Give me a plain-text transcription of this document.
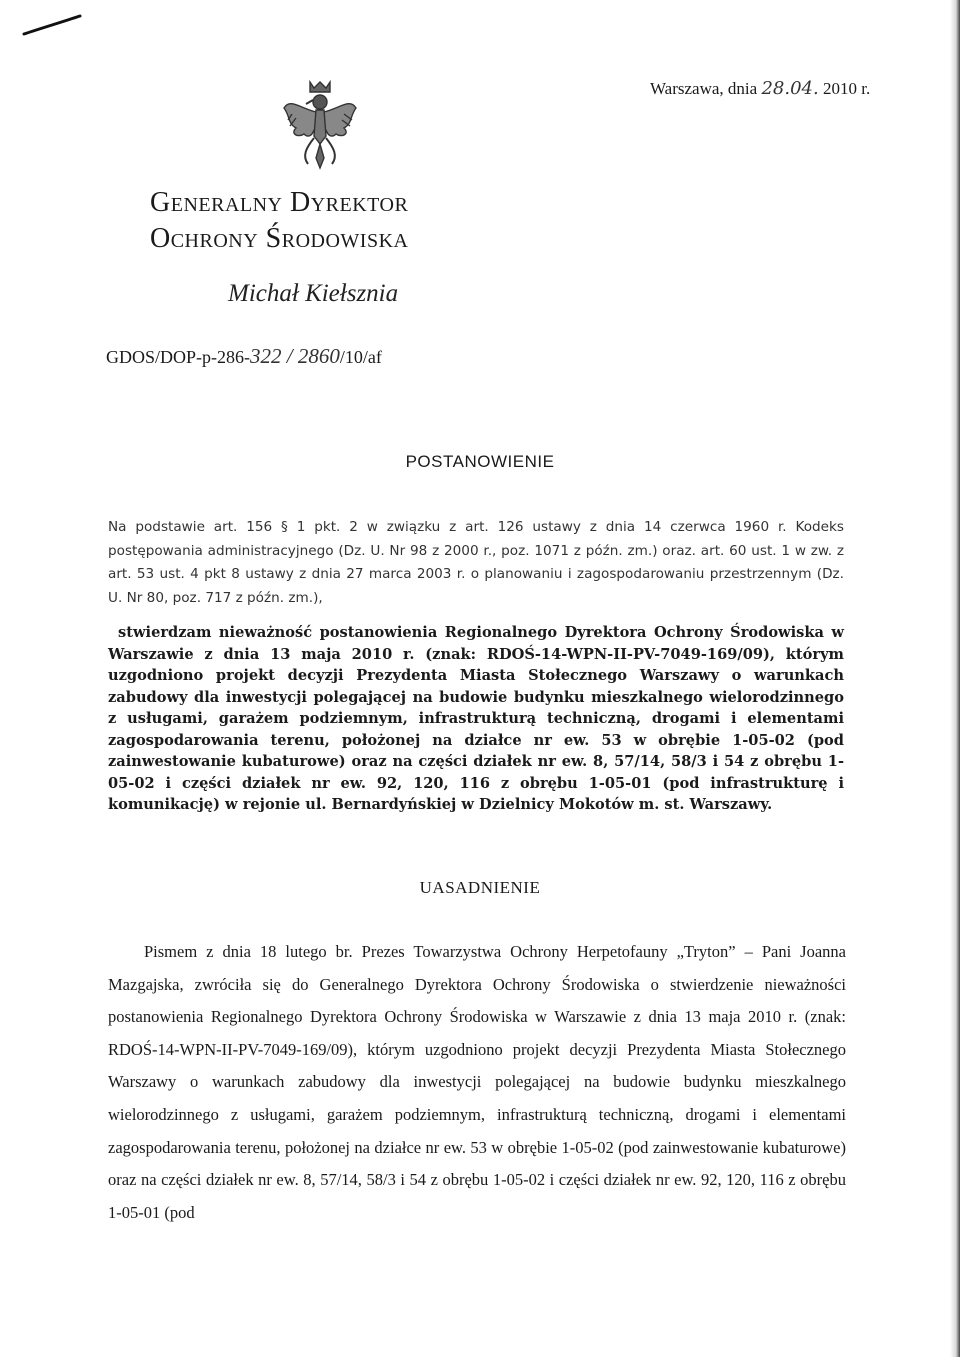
Warszawa, dnia 28.04. 2010 r.
Generalny Dyrektor
Ochrony Środowiska
Michał Kiełsznia
GDOS/DOP-p-286-322 / 2860/10/af
POSTANOWIENIE
Na podstawie art. 156 § 1 pkt. 2 w związku z art. 126 ustawy z dnia 14 czerwca 1960 r. Kodeks postępowania administracyjnego (Dz. U. Nr 98 z 2000 r., poz. 1071 z późn. zm.) oraz. art. 60 ust. 1 w zw. z art. 53 ust. 4 pkt 8 ustawy z dnia 27 marca 2003 r. o planowaniu i zagospodarowaniu przestrzennym (Dz. U. Nr 80, poz. 717 z późn. zm.),
stwierdzam nieważność postanowienia Regionalnego Dyrektora Ochrony Środowiska w Warszawie z dnia 13 maja 2010 r. (znak: RDOŚ-14-WPN-II-PV-7049-169/09), którym uzgodniono projekt decyzji Prezydenta Miasta Stołecznego Warszawy o warunkach zabudowy dla inwestycji polegającej na budowie budynku mieszkalnego wielorodzinnego z usługami, garażem podziemnym, infrastrukturą techniczną, drogami i elementami zagospodarowania terenu, położonej na działce nr ew. 53 w obrębie 1-05-02 (pod zainwestowanie kubaturowe) oraz na części działek nr ew. 8, 57/14, 58/3 i 54 z obrębu 1-05-02 i części działek nr ew. 92, 120, 116 z obrębu 1-05-01 (pod infrastrukturę i komunikację) w rejonie ul. Bernardyńskiej w Dzielnicy Mokotów m. st. Warszawy.
UASADNIENIE
Pismem z dnia 18 lutego br. Prezes Towarzystwa Ochrony Herpetofauny „Tryton” – Pani Joanna Mazgajska, zwróciła się do Generalnego Dyrektora Ochrony Środowiska o stwierdzenie nieważności postanowienia Regionalnego Dyrektora Ochrony Środowiska w Warszawie z dnia 13 maja 2010 r. (znak: RDOŚ-14-WPN-II-PV-7049-169/09), którym uzgodniono projekt decyzji Prezydenta Miasta Stołecznego Warszawy o warunkach zabudowy dla inwestycji polegającej na budowie budynku mieszkalnego wielorodzinnego z usługami, garażem podziemnym, infrastrukturą techniczną, drogami i elementami zagospodarowania terenu, położonej na działce nr ew. 53 w obrębie 1-05-02 (pod zainwestowanie kubaturowe) oraz na części działek nr ew. 8, 57/14, 58/3 i 54 z obrębu 1-05-02 i części działek nr ew. 92, 120, 116 z obrębu 1-05-01 (pod
